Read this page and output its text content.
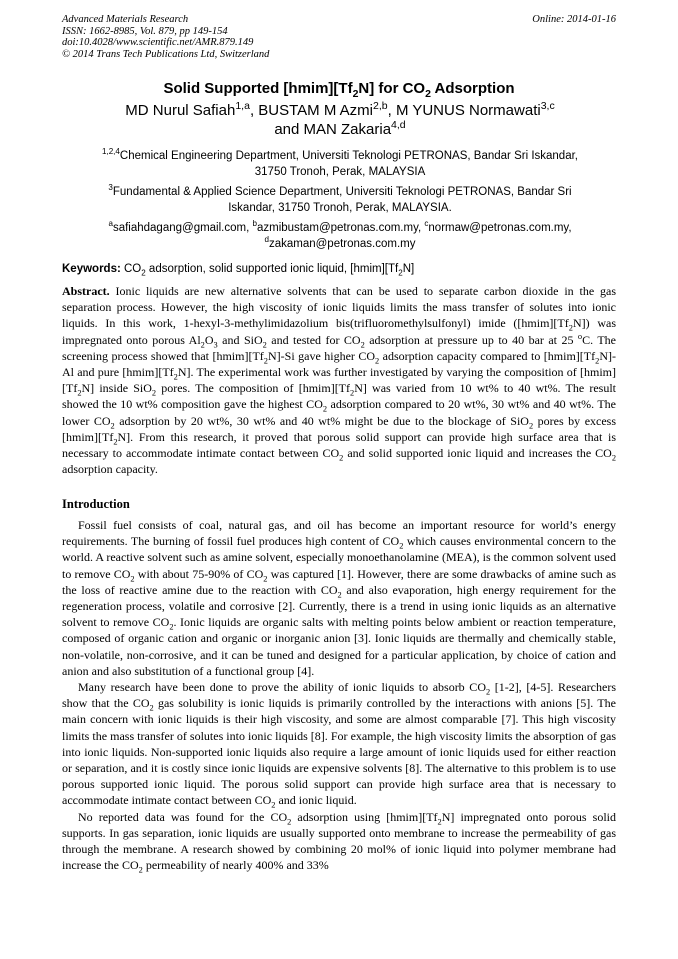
Advanced Materials Research
ISSN: 1662-8985, Vol. 879, pp 149-154
doi:10.4028/www.scientific.net/AMR.879.149
© 2014 Trans Tech Publications Ltd, Switzerland
Online: 2014-01-16
Solid Supported $[hmim][Tf_2N]$ for $CO_2$ Adsorption
MD Nurul Safiah$^{1,a}$, BUSTAM M Azmi$^{2,b}$, M YUNUS Normawati$^{3,c}$
and MAN Zakaria$^{4,d}$
$^{1,2,4}$Chemical Engineering Department, Universiti Teknologi PETRONAS, Bandar Sri Iskandar,
31750 Tronoh, Perak, MALAYSIA
$^3$Fundamental & Applied Science Department, Universiti Teknologi PETRONAS, Bandar Sri
Iskandar, 31750 Tronoh, Perak, MALAYSIA.
$^a$safiahdagang@gmail.com, $^b$azmibustam@petronas.com.my, $^c$normaw@petronas.com.my,
$^d$zakaman@petronas.com.my
Keywords: $CO_2$ adsorption, solid supported ionic liquid, $[hmim][Tf_2N]$

Abstract. Ionic liquids are new alternative solvents that can be used to separate carbon dioxide in the gas separation process. However, the high viscosity of ionic liquids limits the mass transfer of solutes into ionic liquids. In this work, 1-hexyl-3-methylimidazolium bis(trifluoromethylsulfonyl) imide $([hmim][Tf_2N])$ was impregnated onto porous $Al_2O_3$ and SiO$_2$ and tested for $CO_2$ adsorption at pressure up to 40 bar at 25 $^o$C. The screening process showed that $[hmim][Tf_2N]-Si$ gave higher $CO_2$ adsorption capacity compared to $[hmim][Tf_2N]-Al$ and pure $[hmim][Tf_2N]$. The experimental work was further investigated by varying the composition of $[hmim][Tf_2N]$ inside SiO$_2$ pores. The composition of $[hmim][Tf_2N]$ was varied from 10 wt% to 40 wt%. The result showed the 10 wt% composition gave the highest $CO_2$ adsorption compared to 20 wt%, 30 wt% and 40 wt%. The lower $CO_2$ adsorption by 20 wt%, 30 wt% and 40 wt% might be due to the blockage of SiO$_2$ pores by excess $[hmim][Tf_2N]$. From this research, it proved that porous solid support can provide high surface area that is necessary to accommodate intimate contact between $CO_2$ and solid supported ionic liquid and increases the $CO_2$ adsorption capacity.

Introduction

Fossil fuel consists of coal, natural gas, and oil has become an important resource for world’s energy requirements. The burning of fossil fuel produces high content of $CO_2$ which causes environmental concern to the world. A reactive solvent such as amine solvent, especially monoethanolamine (MEA), is the common solvent used to remove $CO_2$ with about 75-90% of $CO_2$ was captured [1]. However, there are some drawbacks of amine such as the loss of reactive amine due to the reaction with $CO_2$ and also evaporation, high energy requirement for the regeneration process, volatile and corrosive [2]. Currently, there is a trend in using ionic liquids as an alternative solvent to remove $CO_2$. Ionic liquids are organic salts with melting points below ambient or reaction temperature, composed of organic cation and organic or inorganic anion [3]. Ionic liquids are thermally and chemically stable, non-volatile, non-corrosive, and it can be tuned and designed for a particular application, by choice of cation and anion and also substitution of a functional group [4].

Many research have been done to prove the ability of ionic liquids to absorb $CO_2$ [1-2], [4-5]. Researchers show that the $CO_2$ gas solubility is ionic liquids is primarily controlled by the interactions with anions [5]. The main concern with ionic liquids is their high viscosity, and some are almost comparable [7]. This high viscosity limits the mass transfer of solutes into ionic liquids [8]. For example, the high viscosity limits the absorption of gas into ionic liquids. Non-supported ionic liquids also require a large amount of ionic liquids used for either reaction or separation, and it is costly since ionic liquids are expensive solvents [8]. The alternative to this problem is to use porous supported ionic liquid. The porous solid support can provide high surface area that is necessary to accommodate intimate contact between $CO_2$ and ionic liquid.

No reported data was found for the $CO_2$ adsorption using $[hmim][Tf_2N]$ impregnated onto porous solid supports. In gas separation, ionic liquids are usually supported onto membrane to increase the permeability of gas through the membrane. A research showed by combining 20 mol% of ionic liquid into polymer membrane had increase the $CO_2$ permeability of nearly 400% and 33%
